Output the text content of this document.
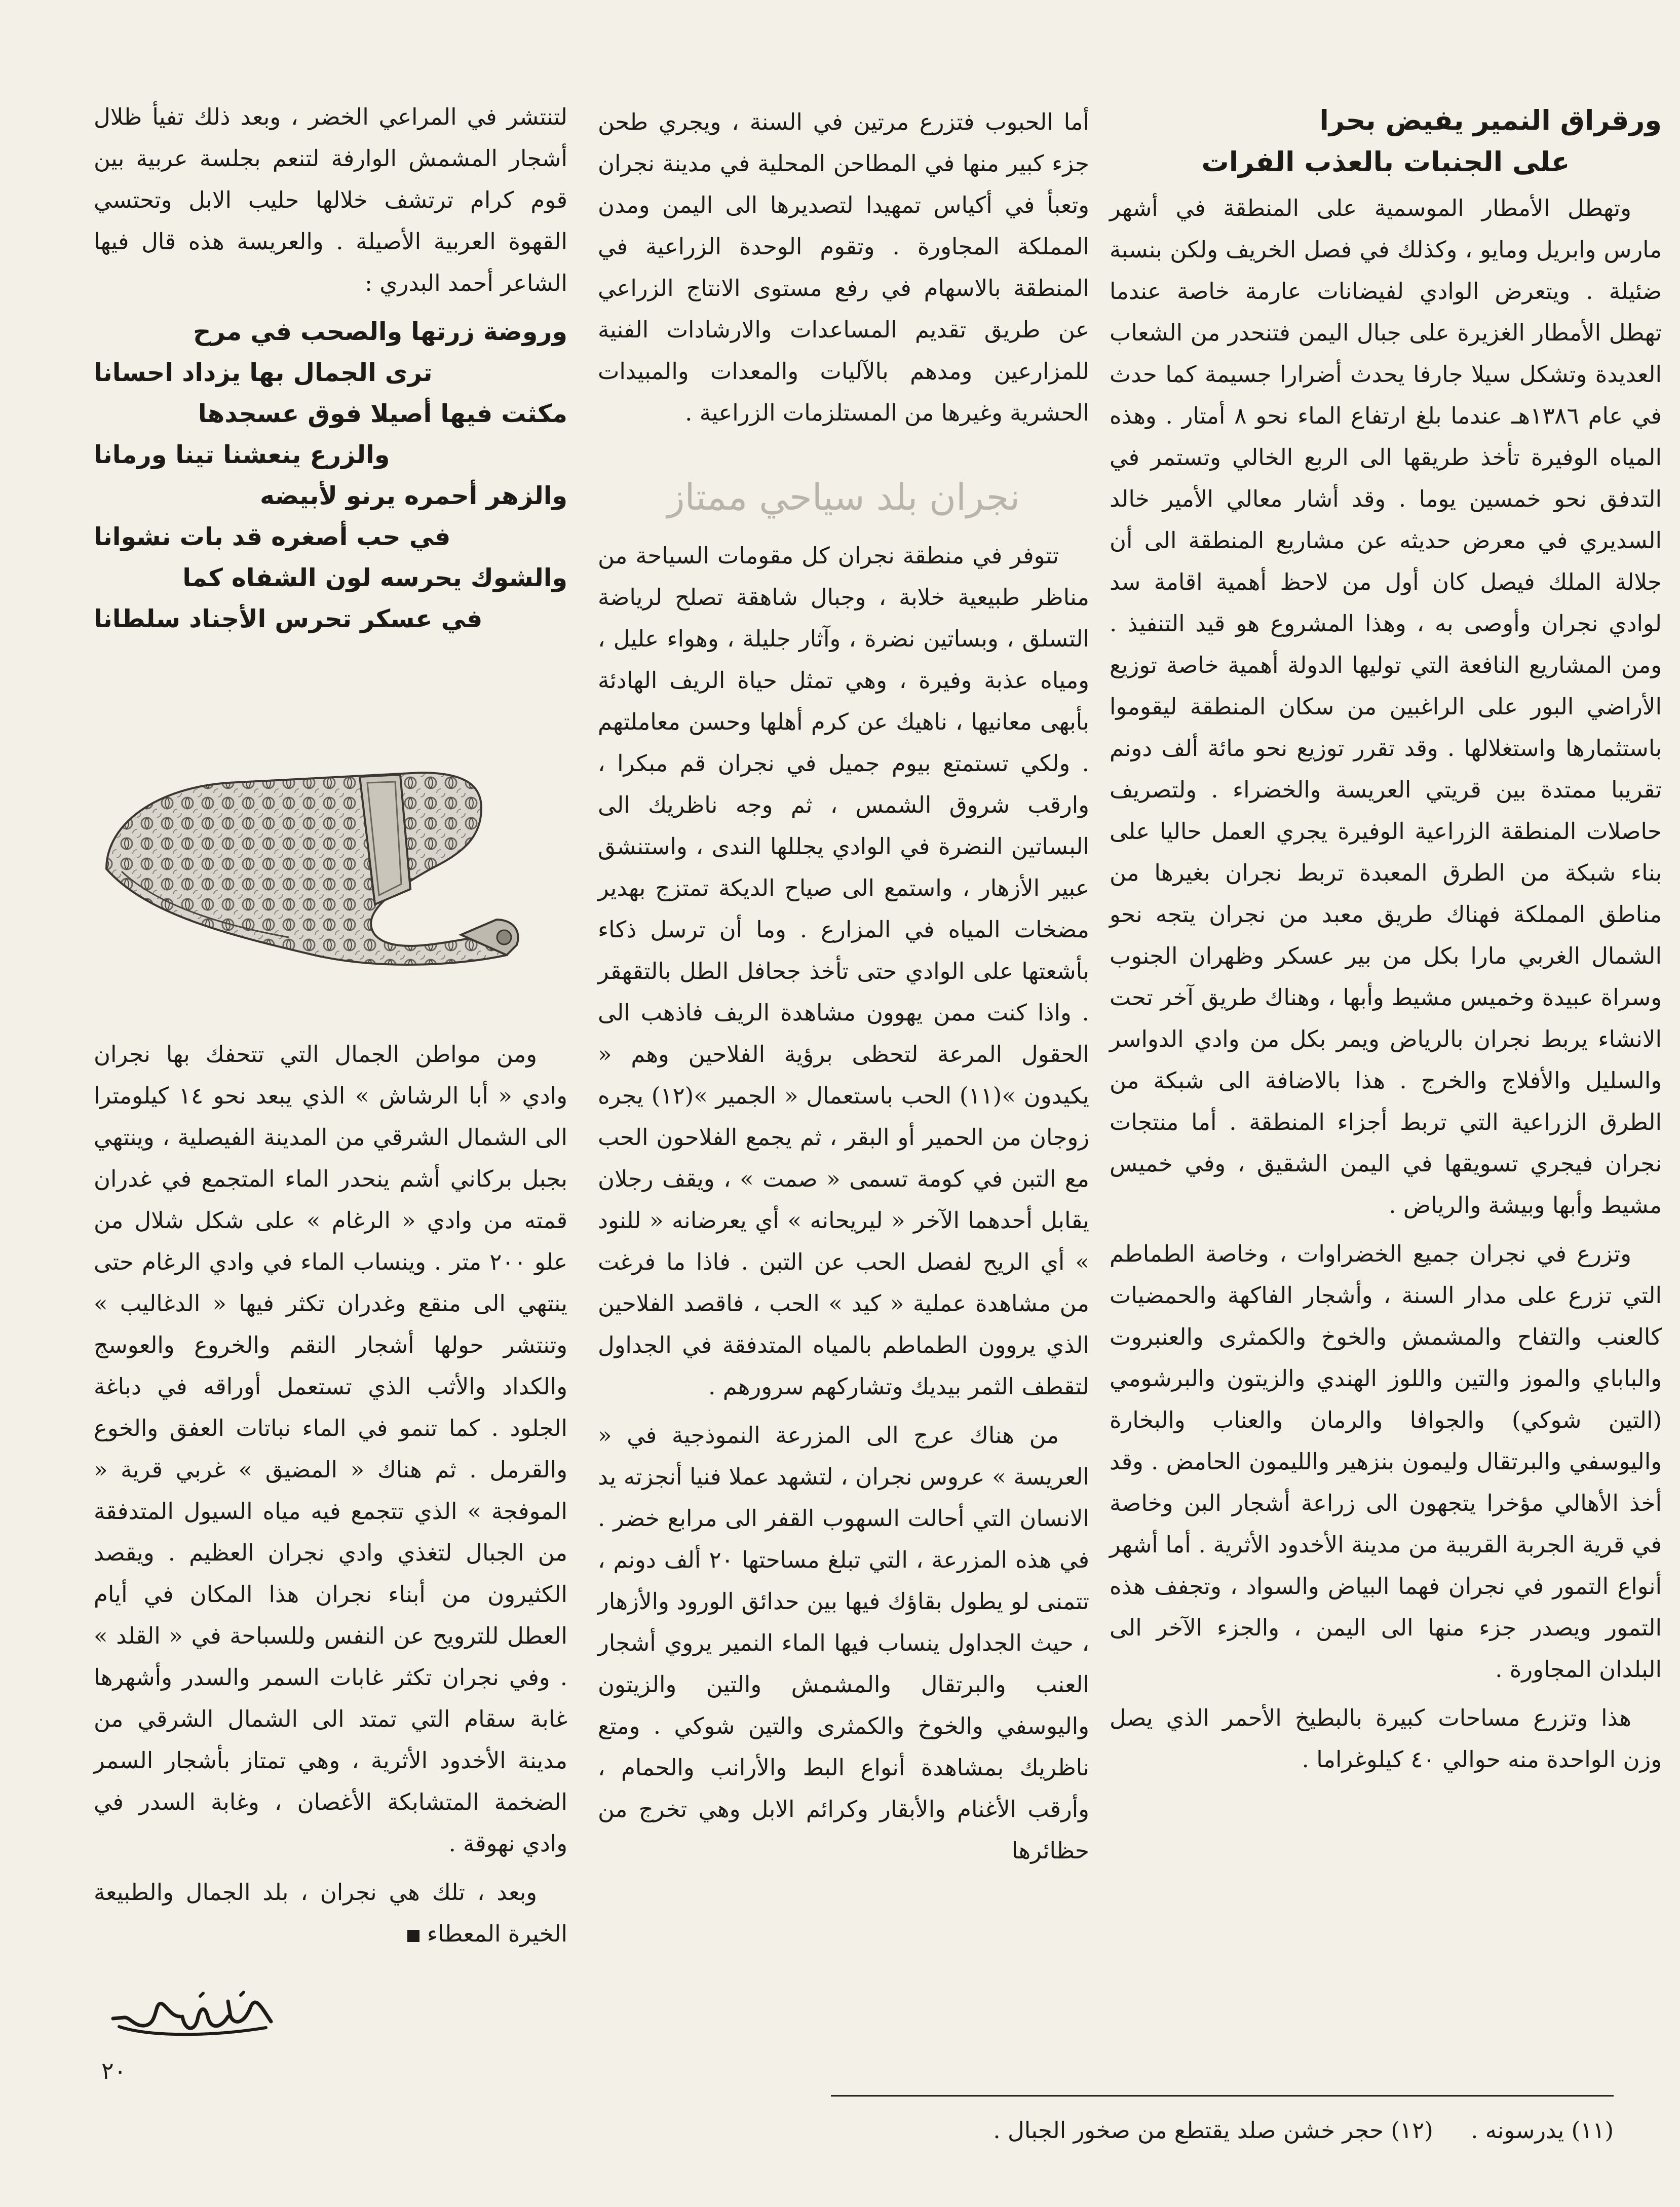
ورقراق النمير يفيض بحرا
على الجنبات بالعذب الفرات

وتهطل الأمطار الموسمية على المنطقة في أشهر مارس وابريل ومايو ، وكذلك في فصل الخريف ولكن بنسبة ضئيلة . ويتعرض الوادي لفيضانات عارمة خاصة عندما تهطل الأمطار الغزيرة على جبال اليمن فتنحدر من الشعاب العديدة وتشكل سيلا جارفا يحدث أضرارا جسيمة كما حدث في عام ١٣٨٦هـ عندما بلغ ارتفاع الماء نحو ٨ أمتار . وهذه المياه الوفيرة تأخذ طريقها الى الربع الخالي وتستمر في التدفق نحو خمسين يوما . وقد أشار معالي الأمير خالد السديري في معرض حديثه عن مشاريع المنطقة الى أن جلالة الملك فيصل كان أول من لاحظ أهمية اقامة سد لوادي نجران وأوصى به ، وهذا المشروع هو قيد التنفيذ . ومن المشاريع النافعة التي توليها الدولة أهمية خاصة توزيع الأراضي البور على الراغبين من سكان المنطقة ليقوموا باستثمارها واستغلالها . وقد تقرر توزيع نحو مائة ألف دونم تقريبا ممتدة بين قريتي العريسة والخضراء . ولتصريف حاصلات المنطقة الزراعية الوفيرة يجري العمل حاليا على بناء شبكة من الطرق المعبدة تربط نجران بغيرها من مناطق المملكة فهناك طريق معبد من نجران يتجه نحو الشمال الغربي مارا بكل من بير عسكر وظهران الجنوب وسراة عبيدة وخميس مشيط وأبها ، وهناك طريق آخر تحت الانشاء يربط نجران بالرياض ويمر بكل من وادي الدواسر والسليل والأفلاج والخرج . هذا بالاضافة الى شبكة من الطرق الزراعية التي تربط أجزاء المنطقة . أما منتجات نجران فيجري تسويقها في اليمن الشقيق ، وفي خميس مشيط وأبها وبيشة والرياض .

وتزرع في نجران جميع الخضراوات ، وخاصة الطماطم التي تزرع على مدار السنة ، وأشجار الفاكهة والحمضيات كالعنب والتفاح والمشمش والخوخ والكمثرى والعنبروت والباباي والموز والتين واللوز الهندي والزيتون والبرشومي (التين شوكي) والجوافا والرمان والعناب والبخارة واليوسفي والبرتقال وليمون بنزهير والليمون الحامض . وقد أخذ الأهالي مؤخرا يتجهون الى زراعة أشجار البن وخاصة في قرية الجربة القريبة من مدينة الأخدود الأثرية . أما أشهر أنواع التمور في نجران فهما البياض والسواد ، وتجفف هذه التمور ويصدر جزء منها الى اليمن ، والجزء الآخر الى البلدان المجاورة .

هذا وتزرع مساحات كبيرة بالبطيخ الأحمر الذي يصل وزن الواحدة منه حوالي ٤٠ كيلوغراما .

أما الحبوب فتزرع مرتين في السنة ، ويجري طحن جزء كبير منها في المطاحن المحلية في مدينة نجران وتعبأ في أكياس تمهيدا لتصديرها الى اليمن ومدن المملكة المجاورة . وتقوم الوحدة الزراعية في المنطقة بالاسهام في رفع مستوى الانتاج الزراعي عن طريق تقديم المساعدات والارشادات الفنية للمزارعين ومدهم بالآليات والمعدات والمبيدات الحشرية وغيرها من المستلزمات الزراعية .

نجران بلد سياحي ممتاز

تتوفر في منطقة نجران كل مقومات السياحة من مناظر طبيعية خلابة ، وجبال شاهقة تصلح لرياضة التسلق ، وبساتين نضرة ، وآثار جليلة ، وهواء عليل ، ومياه عذبة وفيرة ، وهي تمثل حياة الريف الهادئة بأبهى معانيها ، ناهيك عن كرم أهلها وحسن معاملتهم . ولكي تستمتع بيوم جميل في نجران قم مبكرا ، وارقب شروق الشمس ، ثم وجه ناظريك الى البساتين النضرة في الوادي يجللها الندى ، واستنشق عبير الأزهار ، واستمع الى صياح الديكة تمتزج بهدير مضخات المياه في المزارع . وما أن ترسل ذكاء بأشعتها على الوادي حتى تأخذ جحافل الطل بالتقهقر . واذا كنت ممن يهوون مشاهدة الريف فاذهب الى الحقول المرعة لتحظى برؤية الفلاحين وهم « يكيدون »(١١) الحب باستعمال « الجمير »(١٢) يجره زوجان من الحمير أو البقر ، ثم يجمع الفلاحون الحب مع التبن في كومة تسمى « صمت » ، ويقف رجلان يقابل أحدهما الآخر « ليريحانه » أي يعرضانه « للنود » أي الريح لفصل الحب عن التبن . فاذا ما فرغت من مشاهدة عملية « كيد » الحب ، فاقصد الفلاحين الذي يروون الطماطم بالمياه المتدفقة في الجداول لتقطف الثمر بيديك وتشاركهم سرورهم .

من هناك عرج الى المزرعة النموذجية في « العريسة » عروس نجران ، لتشهد عملا فنيا أنجزته يد الانسان التي أحالت السهوب القفر الى مرابع خضر . في هذه المزرعة ، التي تبلغ مساحتها ٢٠ ألف دونم ، تتمنى لو يطول بقاؤك فيها بين حدائق الورود والأزهار ، حيث الجداول ينساب فيها الماء النمير يروي أشجار العنب والبرتقال والمشمش والتين والزيتون واليوسفي والخوخ والكمثرى والتين شوكي . ومتع ناظريك بمشاهدة أنواع البط والأرانب والحمام ، وأرقب الأغنام والأبقار وكرائم الابل وهي تخرج من حظائرها

لتنتشر في المراعي الخضر ، وبعد ذلك تفيأ ظلال أشجار المشمش الوارفة لتنعم بجلسة عربية بين قوم كرام ترتشف خلالها حليب الابل وتحتسي القهوة العربية الأصيلة . والعريسة هذه قال فيها الشاعر أحمد البدري :

وروضة زرتها والصحب في مرح
ترى الجمال بها يزداد احسانا
مكثت فيها أصيلا فوق عسجدها
والزرع ينعشنا تينا ورمانا
والزهر أحمره يرنو لأبيضه
في حب أصغره قد بات نشوانا
والشوك يحرسه لون الشفاه كما
في عسكر تحرس الأجناد سلطانا

ومن مواطن الجمال التي تتحفك بها نجران وادي « أبا الرشاش » الذي يبعد نحو ١٤ كيلومترا الى الشمال الشرقي من المدينة الفيصلية ، وينتهي بجبل بركاني أشم ينحدر الماء المتجمع في غدران قمته من وادي « الرغام » على شكل شلال من علو ٢٠٠ متر . وينساب الماء في وادي الرغام حتى ينتهي الى منقع وغدران تكثر فيها « الدغاليب » وتنتشر حولها أشجار النقم والخروع والعوسج والكداد والأثب الذي تستعمل أوراقه في دباغة الجلود . كما تنمو في الماء نباتات العفق والخوع والقرمل . ثم هناك « المضيق » غربي قرية « الموفجة » الذي تتجمع فيه مياه السيول المتدفقة من الجبال لتغذي وادي نجران العظيم . ويقصد الكثيرون من أبناء نجران هذا المكان في أيام العطل للترويح عن النفس وللسباحة في « القلد » . وفي نجران تكثر غابات السمر والسدر وأشهرها غابة سقام التي تمتد الى الشمال الشرقي من مدينة الأخدود الأثرية ، وهي تمتاز بأشجار السمر الضخمة المتشابكة الأغصان ، وغابة السدر في وادي نهوقة .

وبعد ، تلك هي نجران ، بلد الجمال والطبيعة الخيرة المعطاء

٢٠
(١١) يدرسونه . (١٢) حجر خشن صلد يقتطع من صخور الجبال .
